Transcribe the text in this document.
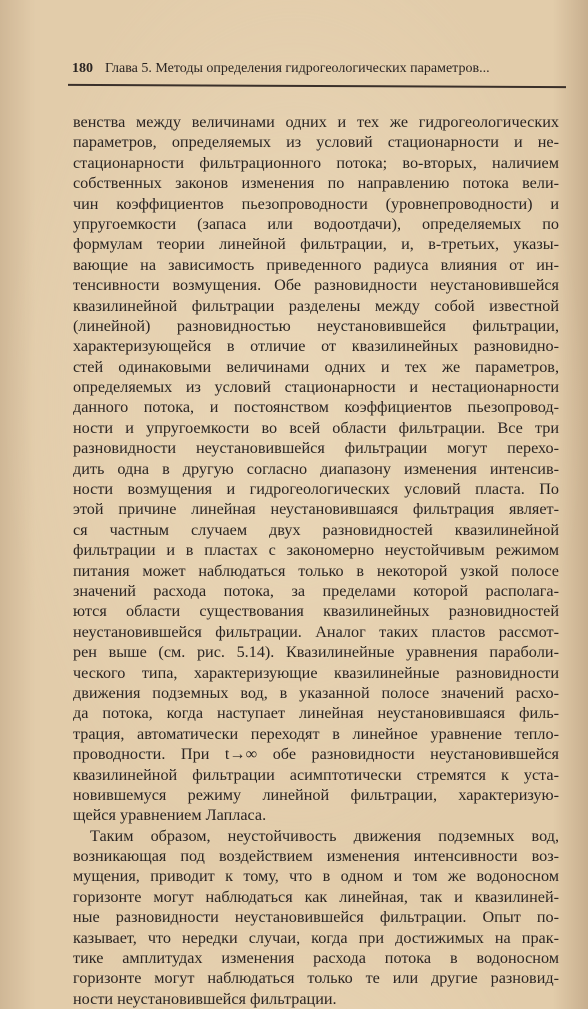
180 Глава 5. Методы определения гидрогеологических параметров...
венства между величинами одних и тех же гидрогеологических
параметров, определяемых из условий стационарности и не-
стационарности фильтрационного потока; во-вторых, наличием
собственных законов изменения по направлению потока вели-
чин коэффициентов пьезопроводности (уровнепроводности) и
упругоемкости (запаса или водоотдачи), определяемых по
формулам теории линейной фильтрации, и, в-третьих, указы-
вающие на зависимость приведенного радиуса влияния от ин-
тенсивности возмущения. Обе разновидности неустановившейся
квазилинейной фильтрации разделены между собой известной
(линейной) разновидностью неустановившейся фильтрации,
характеризующейся в отличие от квазилинейных разновидно-
стей одинаковыми величинами одних и тех же параметров,
определяемых из условий стационарности и нестационарности
данного потока, и постоянством коэффициентов пьезопровод-
ности и упругоемкости во всей области фильтрации. Все три
разновидности неустановившейся фильтрации могут перехо-
дить одна в другую согласно диапазону изменения интенсив-
ности возмущения и гидрогеологических условий пласта. По
этой причине линейная неустановившаяся фильтрация являет-
ся частным случаем двух разновидностей квазилинейной
фильтрации и в пластах с закономерно неустойчивым режимом
питания может наблюдаться только в некоторой узкой полосе
значений расхода потока, за пределами которой располага-
ются области существования квазилинейных разновидностей
неустановившейся фильтрации. Аналог таких пластов рассмот-
рен выше (см. рис. 5.14). Квазилинейные уравнения парабoли-
ческого типа, характеризующие квазилинейные разновидности
движения подземных вод, в указанной полосе значений расхо-
да потока, когда наступает линейная неустановившаяся филь-
трация, автоматически переходят в линейное уравнение тепло-
проводности. При t→∞ обе разновидности неустановившейся
квазилинейной фильтрации асимптотически стремятся к уста-
новившемуся режиму линейной фильтрации, характеризую-
щейся уравнением Лапласа.
Таким образом, неустойчивость движения подземных вод,
возникающая под воздействием изменения интенсивности воз-
мущения, приводит к тому, что в одном и том же водоносном
горизонте могут наблюдаться как линейная, так и квазилиней-
ные разновидности неустановившейся фильтрации. Опыт по-
казывает, что нередки случаи, когда при достижимых на прак-
тике амплитудах изменения расхода потока в водоносном
горизонте могут наблюдаться только те или другие разновид-
ности неустановившейся фильтрации.
